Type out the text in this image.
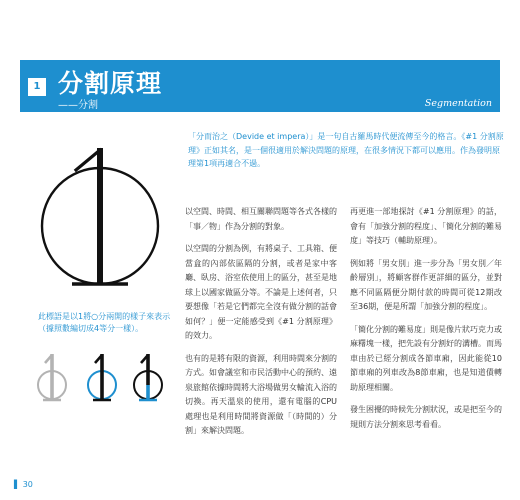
1 分割原理
——分割	Segmentation
「分而治之（Devide et impera）」是一句自古羅馬時代便流傳至今的格言。《#1 分割原理》正如其名，是一個很適用於解決問題的原理，在很多情況下都可以應用。作為發明原理第1項再適合不過。
此標語是以1將○分兩開的樣子來表示（據照數編切成4等分一樣）。

以空間、時間、相互關聯問題等各式各樣的「事／物」作為分割的對象。

以空間的分割為例，有將桌子、工具箱、便當盒的內部依區隔的分割，或者是家中客廳、臥房、浴室依使用上的區分，甚至是地球上以國家做區分等。不論是上述何者，只要想像「若是它們都完全沒有做分割的話會如何？」便一定能感受到《#1 分割原理》的效力。

也有的是將有限的資源，利用時間來分割的方式。如會議室和市民活動中心的預約、遠泉旅館依據時間將大浴場做男女輪流入浴的切換。再天溫泉的使用，還有電腦的CPU處理也是利用時間將資源做「（時間的）分割」來解決問題。

再更進一部地探討《#1 分割原理》的話，會有「加強分割的程度」、「簡化分割的難易度」等技巧（輔助原理）。

例如將「男女別」進一步分為「男女別／年齡層別」，將顧客群作更詳細的區分，並對應不同區隔便分期付款的時間可從12期改至36期，便是所謂「加強分割的程度」。

「簡化分割的難易度」則是像片狀巧克力或麻糬塊一樣，把先設有分割好的溝槽。而馬車由於已經分割成各節車廂，因此能從10節車廂的列車改為8節車廂，也是知道債轉助原理相關。

發生困擾的時候先分割狀況，或是把至今的規則方法分割來思考看看。

▌ 30
